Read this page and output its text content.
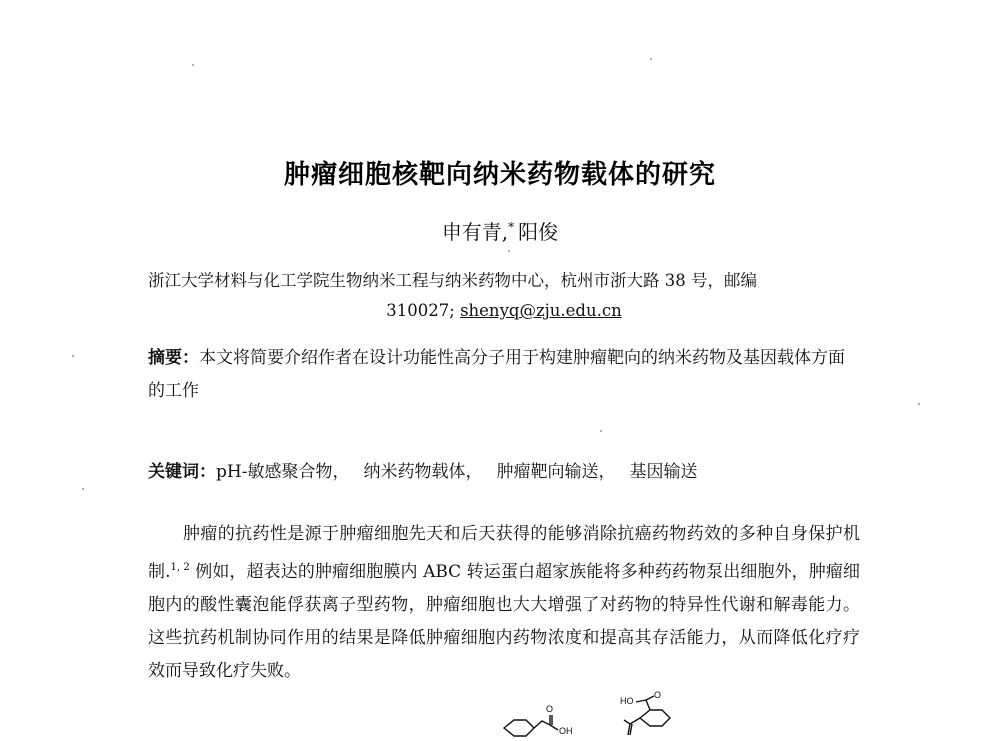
肿瘤细胞核靶向纳米药物载体的研究
申有青,* 阳俊
浙江大学材料与化工学院生物纳米工程与纳米药物中心，杭州市浙大路 38 号，邮编
310027; shenyq@zju.edu.cn
摘要：本文将简要介绍作者在设计功能性高分子用于构建肿瘤靶向的纳米药物及基因载体方面的工作
关键词：pH-敏感聚合物， 纳米药物载体， 肿瘤靶向输送， 基因输送
肿瘤的抗药性是源于肿瘤细胞先天和后天获得的能够消除抗癌药物药效的多种自身保护机制.$^{1, 2}$ 例如，超表达的肿瘤细胞膜内 ABC 转运蛋白超家族能将多种药药物泵出细胞外，肿瘤细胞内的酸性囊泡能俘获离子型药物，肿瘤细胞也大大增强了对药物的特异性代谢和解毒能力。这些抗药机制协同作用的结果是降低肿瘤细胞内药物浓度和提高其存活能力，从而降低化疗疗效而导致化疗失败。
O
OH
HO
O
